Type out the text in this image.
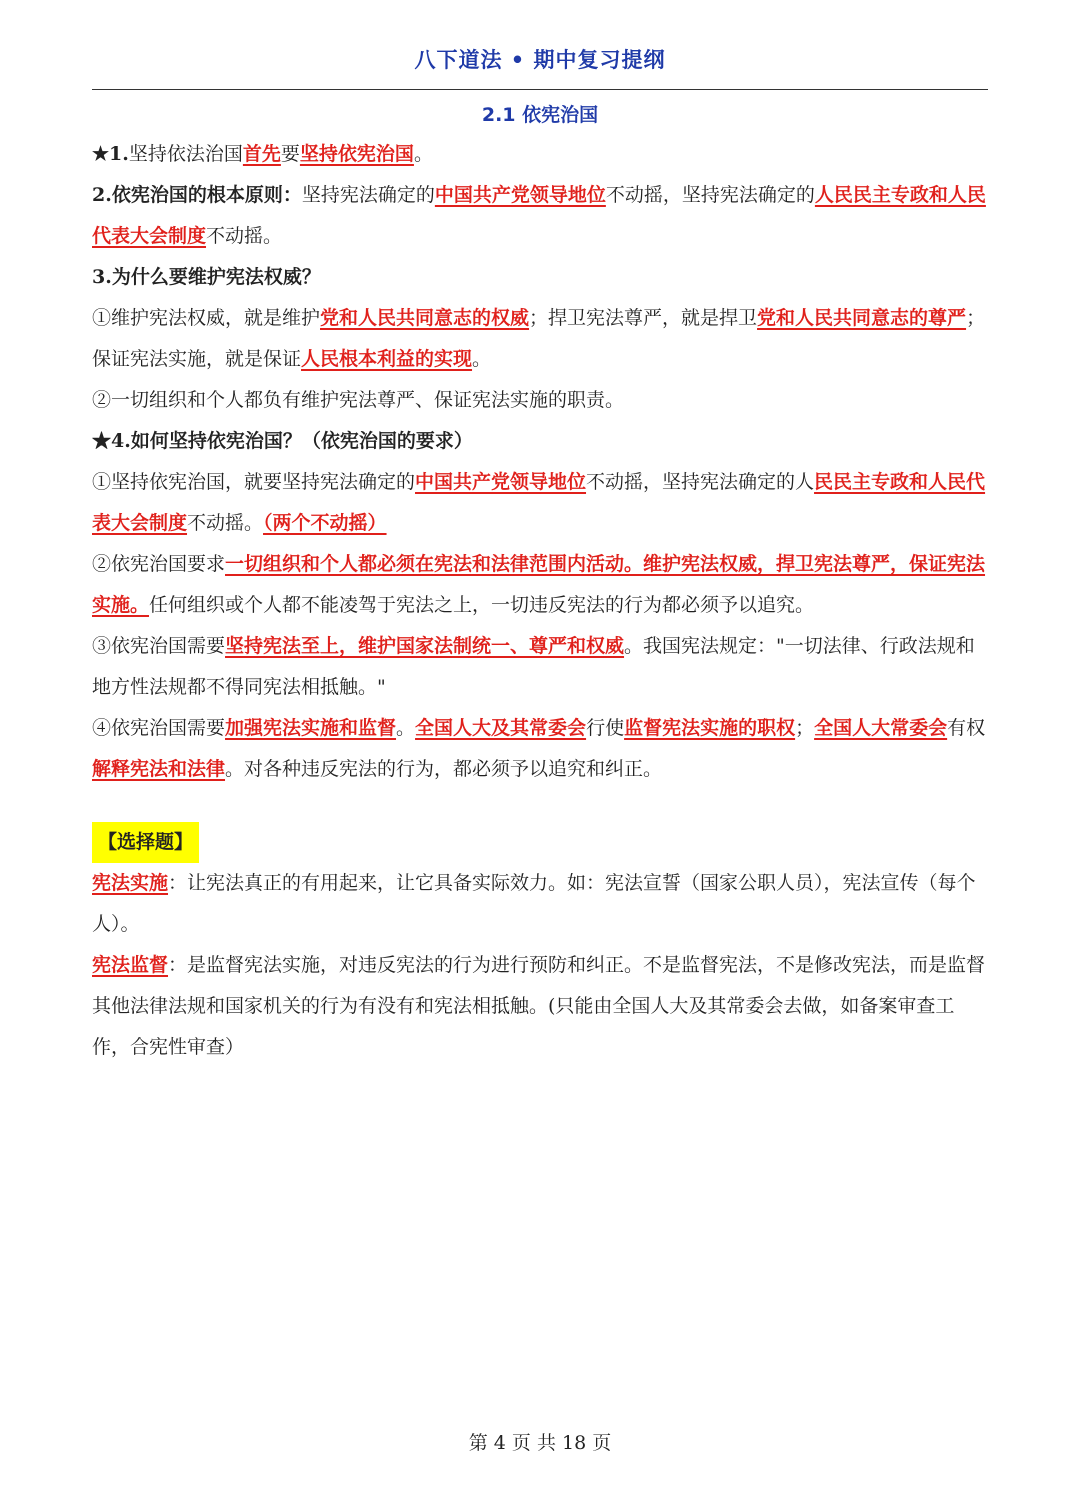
八下道法 • 期中复习提纲
2.1 依宪治国

★1.坚持依法治国首先要坚持依宪治国。

2.依宪治国的根本原则：坚持宪法确定的中国共产党领导地位不动摇，坚持宪法确定的人民民主专政和人民代表大会制度不动摇。

3.为什么要维护宪法权威？

①维护宪法权威，就是维护党和人民共同意志的权威；捍卫宪法尊严，就是捍卫党和人民共同意志的尊严；保证宪法实施，就是保证人民根本利益的实现。

②一切组织和个人都负有维护宪法尊严、保证宪法实施的职责。

★4.如何坚持依宪治国？（依宪治国的要求）

①坚持依宪治国，就要坚持宪法确定的中国共产党领导地位不动摇，坚持宪法确定的人民民主专政和人民代表大会制度不动摇。（两个不动摇）

②依宪治国要求一切组织和个人都必须在宪法和法律范围内活动。维护宪法权威，捍卫宪法尊严，保证宪法实施。任何组织或个人都不能凌驾于宪法之上，一切违反宪法的行为都必须予以追究。

③依宪治国需要坚持宪法至上，维护国家法制统一、尊严和权威。我国宪法规定："一切法律、行政法规和地方性法规都不得同宪法相抵触。"

④依宪治国需要加强宪法实施和监督。全国人大及其常委会行使监督宪法实施的职权；全国人大常委会有权解释宪法和法律。对各种违反宪法的行为，都必须予以追究和纠正。

【选择题】

宪法实施：让宪法真正的有用起来，让它具备实际效力。如：宪法宣誓（国家公职人员），宪法宣传（每个人）。

宪法监督：是监督宪法实施，对违反宪法的行为进行预防和纠正。不是监督宪法，不是修改宪法，而是监督其他法律法规和国家机关的行为有没有和宪法相抵触。(只能由全国人大及其常委会去做，如备案审查工作，合宪性审查）

第 4 页 共 18 页
